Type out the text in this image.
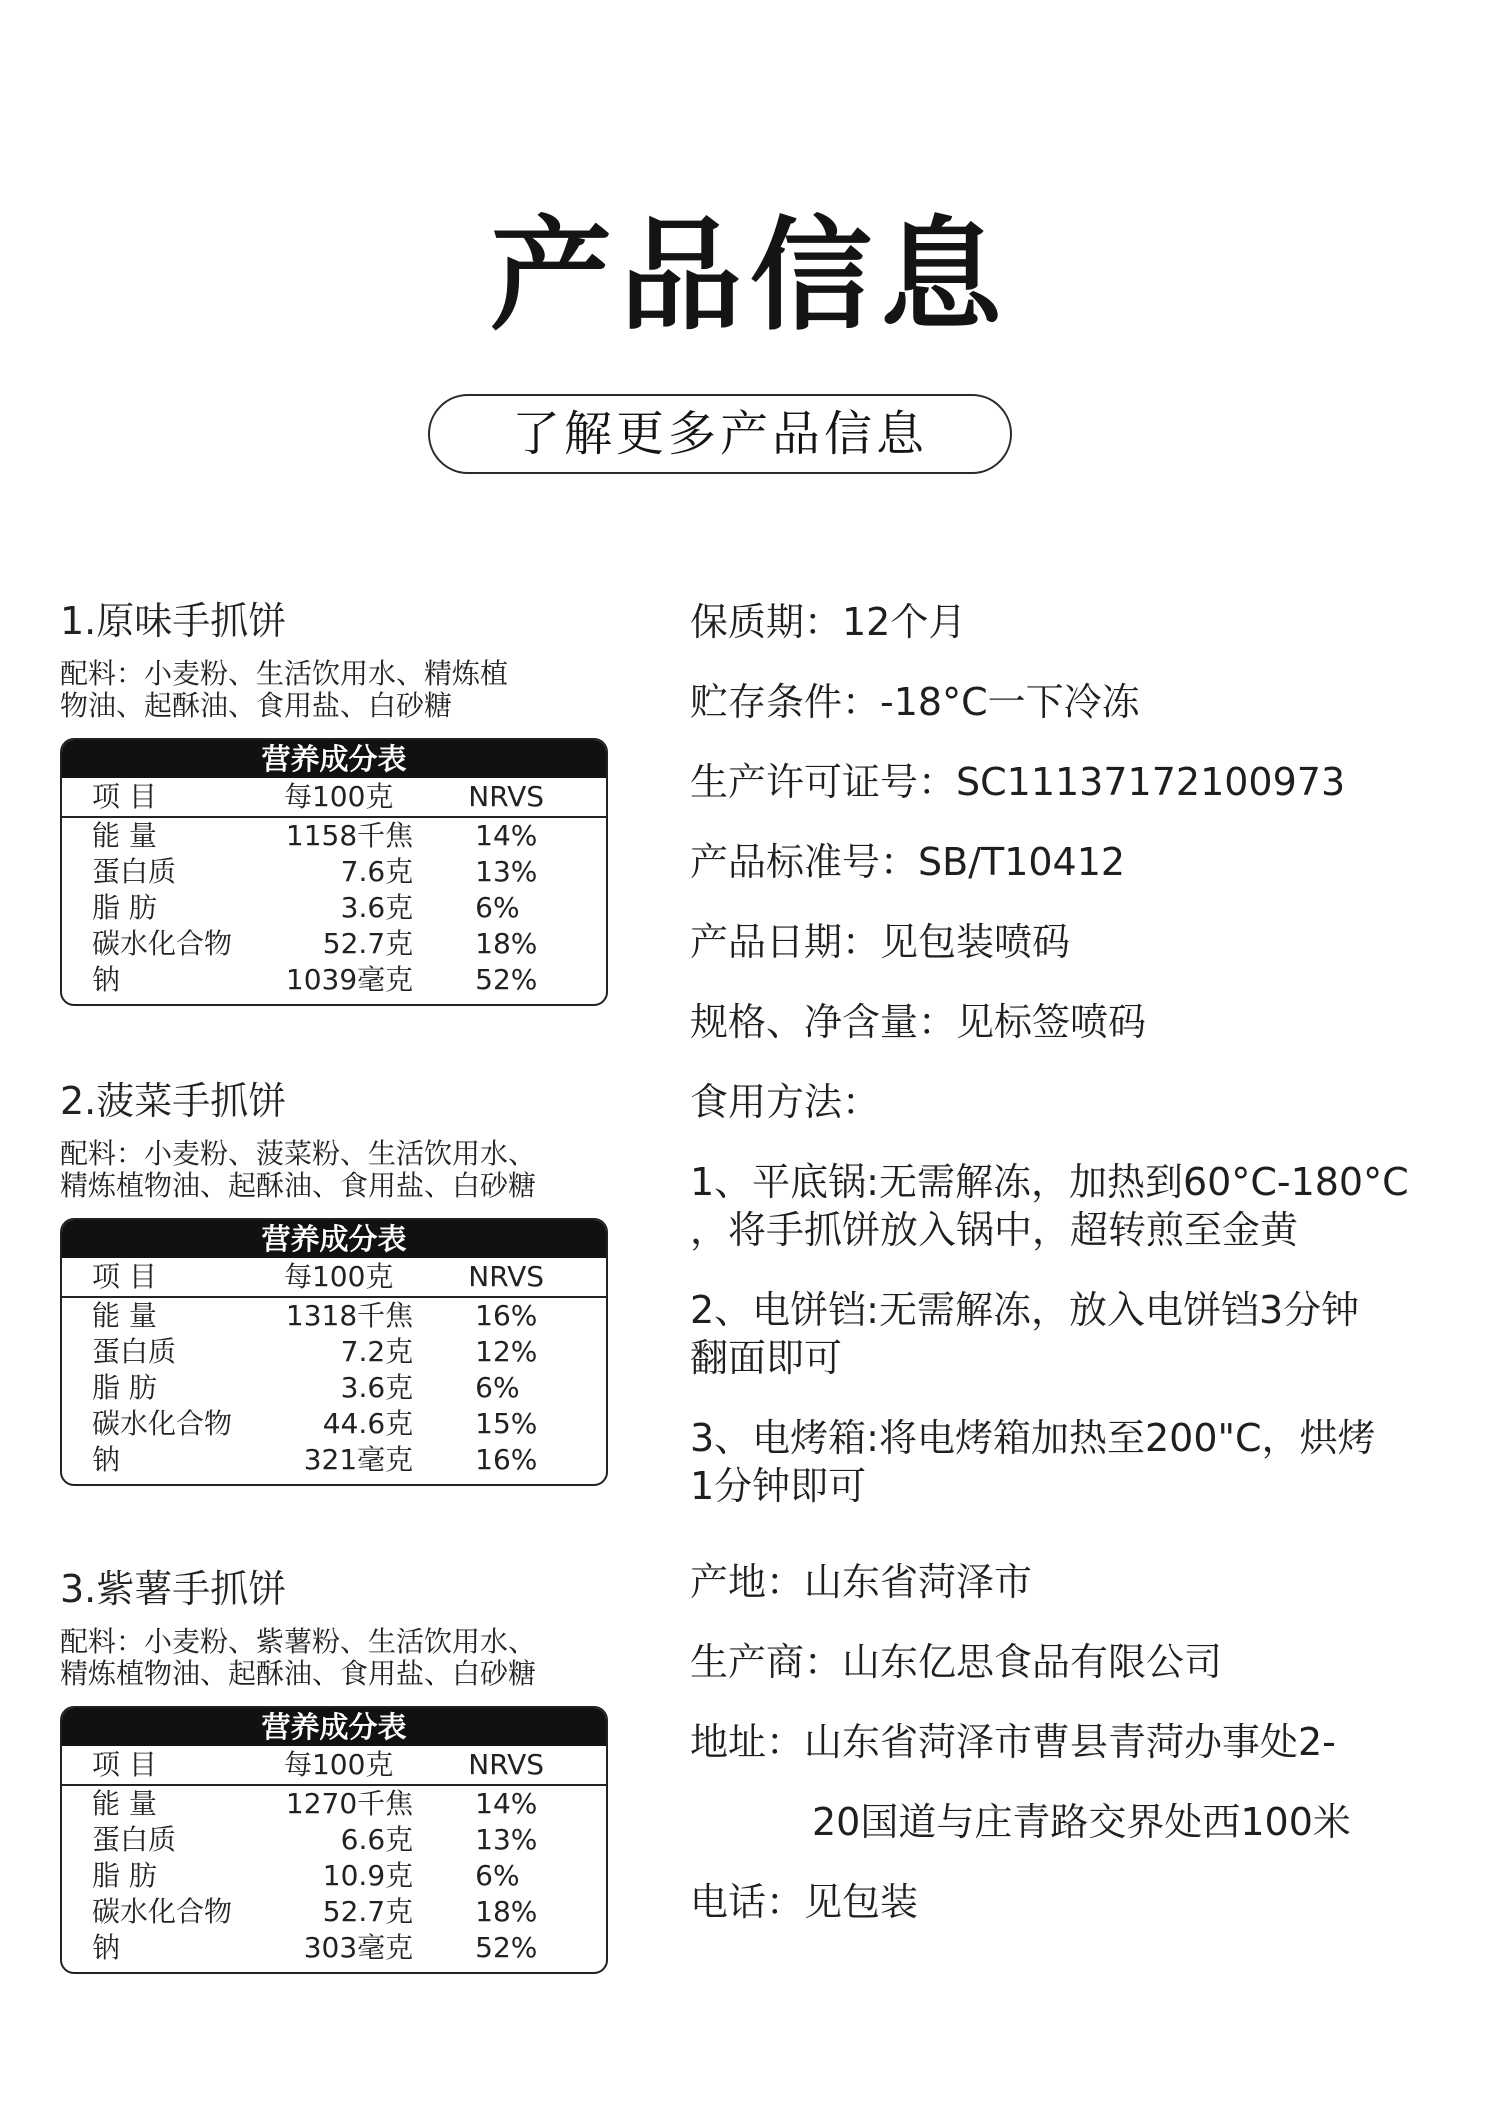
产品信息
了解更多产品信息
1.原味手抓饼
配料：小麦粉、生活饮用水、精炼植
物油、起酥油、食用盐、白砂糖
营养成分表
项 目	每100克	NRVS
能 量	1158千焦	14%
蛋白质	7.6克	13%
脂 肪	3.6克	6%
碳水化合物	52.7克	18%
钠	1039毫克	52%
2.菠菜手抓饼
配料：小麦粉、菠菜粉、生活饮用水、
精炼植物油、起酥油、食用盐、白砂糖
营养成分表
项 目	每100克	NRVS
能 量	1318千焦	16%
蛋白质	7.2克	12%
脂 肪	3.6克	6%
碳水化合物	44.6克	15%
钠	321毫克	16%
3.紫薯手抓饼
配料：小麦粉、紫薯粉、生活饮用水、
精炼植物油、起酥油、食用盐、白砂糖
营养成分表
项 目	每100克	NRVS
能 量	1270千焦	14%
蛋白质	6.6克	13%
脂 肪	10.9克	6%
碳水化合物	52.7克	18%
钠	303毫克	52%
保质期：12个月
贮存条件：-18°C一下冷冻
生产许可证号：SC11137172100973
产品标准号：SB/T10412
产品日期：见包装喷码
规格、净含量：见标签喷码
食用方法：
1、平底锅:无需解冻，加热到60°C-180°C
，将手抓饼放入锅中，超转煎至金黄
2、电饼铛:无需解冻，放入电饼铛3分钟
翻面即可
3、电烤箱:将电烤箱加热至200"C，烘烤
1分钟即可
产地：山东省菏泽市
生产商：山东亿思食品有限公司
地址：山东省菏泽市曹县青菏办事处2-
20国道与庄青路交界处西100米
电话：见包装
